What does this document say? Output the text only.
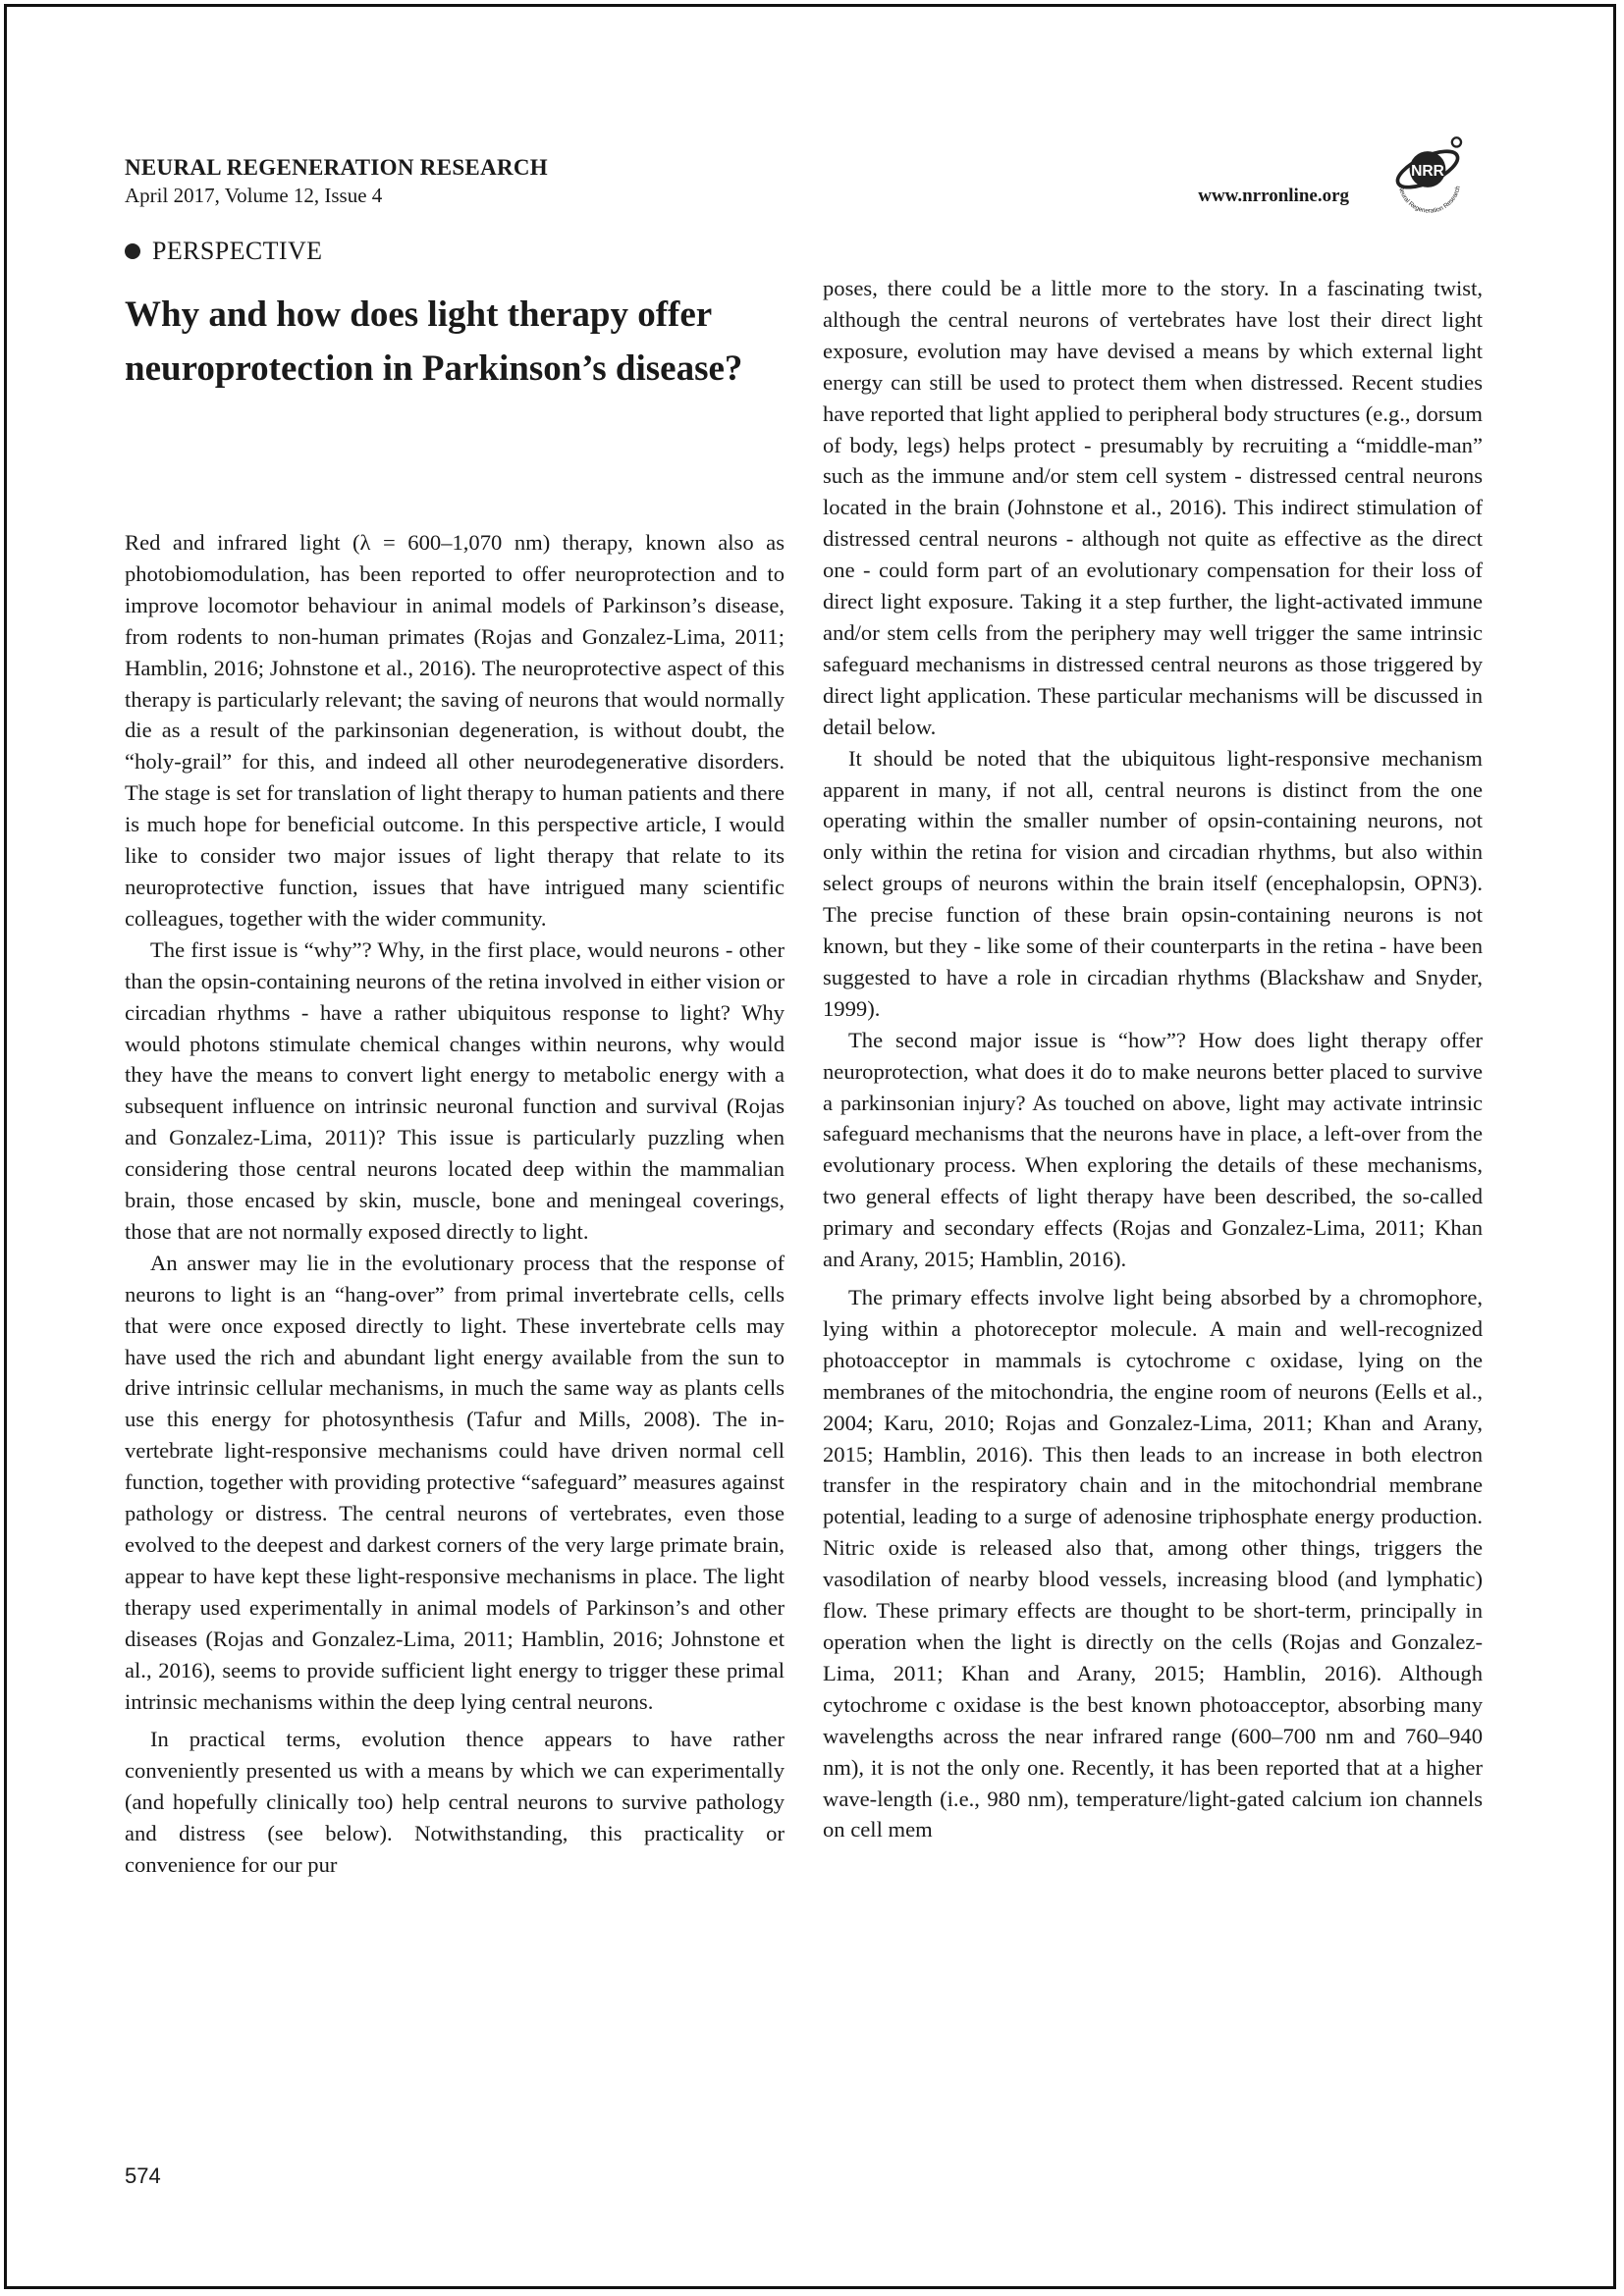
NEURAL REGENERATION RESEARCH
April 2017, Volume 12, Issue 4	www.nrronline.org
NRR
Neural Regeneration Research
PERSPECTIVE
Why and how does light therapy offer neuroprotection in Parkinson’s disease?

Red and infrared light (λ = 600–1,070 nm) therapy, known also as photobiomodulation, has been reported to offer neuroprotection and to improve locomotor behaviour in animal models of Parkinson’s disease, from rodents to non-human primates (Rojas and Gonzalez-Lima, 2011; Hamblin, 2016; Johnstone et al., 2016). The neuroprotective aspect of this therapy is particularly relevant; the saving of neurons that would normally die as a result of the parkinsonian degeneration, is without doubt, the “holy-grail” for this, and indeed all other neurodegenerative disorders. The stage is set for translation of light therapy to human patients and there is much hope for beneficial outcome. In this perspective article, I would like to consider two major issues of light therapy that relate to its neuroprotective function, issues that have intrigued many scientific colleagues, together with the wider community.

The first issue is “why”? Why, in the first place, would neurons - other than the opsin-containing neurons of the retina involved in either vision or circadian rhythms - have a rather ubiquitous response to light? Why would photons stimulate chemical changes within neurons, why would they have the means to convert light energy to metabolic energy with a subsequent influence on intrinsic neuronal function and survival (Rojas and Gonzalez-Lima, 2011)? This issue is particularly puzzling when considering those central neurons located deep within the mammalian brain, those encased by skin, muscle, bone and meningeal coverings, those that are not normally exposed directly to light.

An answer may lie in the evolutionary process that the response of neurons to light is an “hang-over” from primal invertebrate cells, cells that were once exposed directly to light. These invertebrate cells may have used the rich and abundant light energy available from the sun to drive intrinsic cellular mechanisms, in much the same way as plants cells use this energy for photosynthesis (Tafur and Mills, 2008). The invertebrate light-responsive mechanisms could have driven normal cell function, together with providing protective “safeguard” measures against pathology or distress. The central neurons of vertebrates, even those evolved to the deepest and darkest corners of the very large primate brain, appear to have kept these light-responsive mechanisms in place. The light therapy used experimentally in animal models of Parkinson’s and other diseases (Rojas and Gonzalez-Lima, 2011; Hamblin, 2016; Johnstone et al., 2016), seems to provide sufficient light energy to trigger these primal intrinsic mechanisms within the deep lying central neurons.

In practical terms, evolution thence appears to have rather conveniently presented us with a means by which we can experimentally (and hopefully clinically too) help central neurons to survive pathology and distress (see below). Notwithstanding, this practicality or convenience for our pur

poses, there could be a little more to the story. In a fascinating twist, although the central neurons of vertebrates have lost their direct light exposure, evolution may have devised a means by which external light energy can still be used to protect them when distressed. Recent studies have reported that light applied to peripheral body structures (e.g., dorsum of body, legs) helps protect - presumably by recruiting a “middle-man” such as the immune and/or stem cell system - distressed central neurons located in the brain (Johnstone et al., 2016). This indirect stimulation of distressed central neurons - although not quite as effective as the direct one - could form part of an evolutionary compensation for their loss of direct light exposure. Taking it a step further, the light-activated immune and/or stem cells from the periphery may well trigger the same intrinsic safeguard mechanisms in distressed central neurons as those triggered by direct light application. These particular mechanisms will be discussed in detail below.

It should be noted that the ubiquitous light-responsive mechanism apparent in many, if not all, central neurons is distinct from the one operating within the smaller number of opsin-containing neurons, not only within the retina for vision and circadian rhythms, but also within select groups of neurons within the brain itself (encephalopsin, OPN3). The precise function of these brain opsin-containing neurons is not known, but they - like some of their counterparts in the retina - have been suggested to have a role in circadian rhythms (Blackshaw and Snyder, 1999).

The second major issue is “how”? How does light therapy offer neuroprotection, what does it do to make neurons better placed to survive a parkinsonian injury? As touched on above, light may activate intrinsic safeguard mechanisms that the neurons have in place, a left-over from the evolutionary process. When exploring the details of these mechanisms, two general effects of light therapy have been described, the so-called primary and secondary effects (Rojas and Gonzalez-Lima, 2011; Khan and Arany, 2015; Hamblin, 2016).

The primary effects involve light being absorbed by a chromophore, lying within a photoreceptor molecule. A main and well-recognized photoacceptor in mammals is cytochrome c oxidase, lying on the membranes of the mitochondria, the engine room of neurons (Eells et al., 2004; Karu, 2010; Rojas and Gonzalez-Lima, 2011; Khan and Arany, 2015; Hamblin, 2016). This then leads to an increase in both electron transfer in the respiratory chain and in the mitochondrial membrane potential, leading to a surge of adenosine triphosphate energy production. Nitric oxide is released also that, among other things, triggers the vasodilation of nearby blood vessels, increasing blood (and lymphatic) flow. These primary effects are thought to be short-term, principally in operation when the light is directly on the cells (Rojas and Gonzalez-Lima, 2011; Khan and Arany, 2015; Hamblin, 2016). Although cytochrome c oxidase is the best known photoacceptor, absorbing many wavelengths across the near infrared range (600–700 nm and 760–940 nm), it is not the only one. Recently, it has been reported that at a higher wave-length (i.e., 980 nm), temperature/light-gated calcium ion channels on cell mem

574
